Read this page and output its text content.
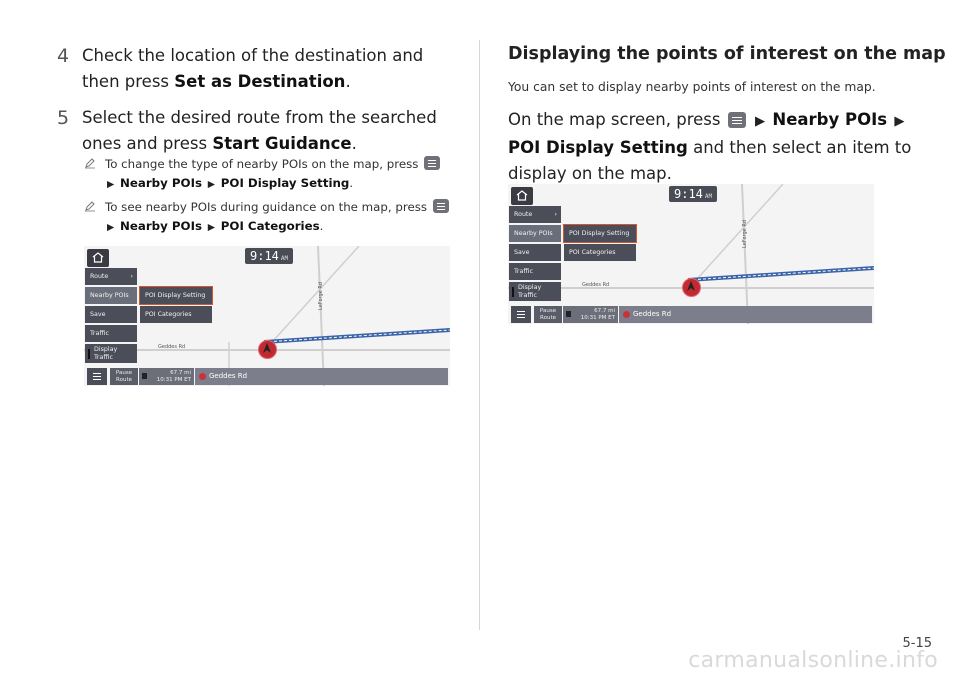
4 Check the location of the destination and then press Set as Destination.
5 Select the desired route from the searched ones and press Start Guidance.
To change the type of nearby POIs on the map, press
▶ Nearby POIs ▶ POI Display Setting.
To see nearby POIs during guidance on the map, press
▶ Nearby POIs ▶ POI Categories.
9:14 AM
Route	›
Nearby POIs
Save
Traffic
Display
Traffic
POI Display Setting
POI Categories
Geddes Rd
LeForge Rd
Pause
Route
67.7 mi
10:31 PM ET	Geddes Rd
Displaying the points of interest on the map
You can set to display nearby points of interest on the map.
On the map screen, press	▶ Nearby POIs ▶ POI Display Setting and then select an item to display on the map.
9:14 AM
Route	›
Nearby POIs
Save
Traffic
Display
Traffic
POI Display Setting
POI Categories
Geddes Rd
LeForge Rd
Pause
Route
67.7 mi
10:31 PM ET	Geddes Rd
5-15
carmanualsonline.info
